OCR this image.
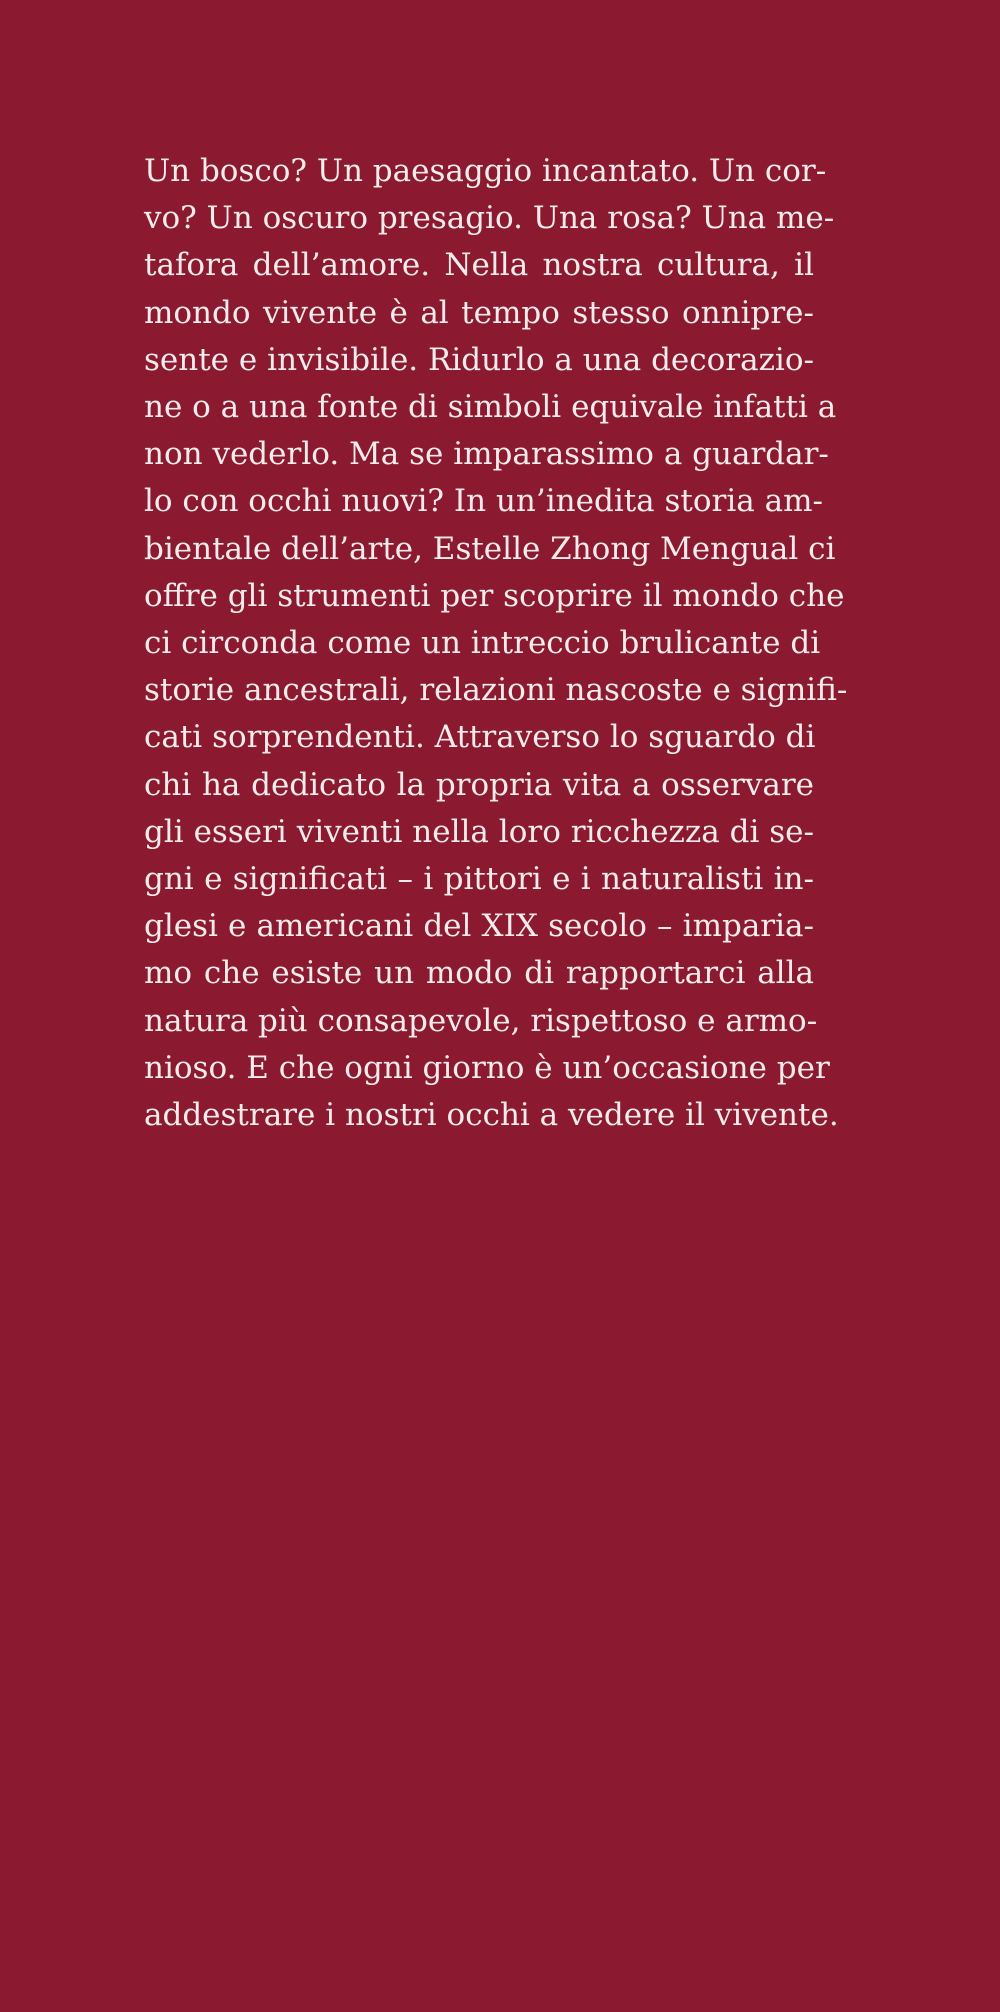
Un bosco? Un paesaggio incantato. Un cor-
vo? Un oscuro presagio. Una rosa? Una me-
tafora dell’amore. Nella nostra cultura, il
mondo vivente è al tempo stesso onnipre-
sente e invisibile. Ridurlo a una decorazio-
ne o a una fonte di simboli equivale infatti a
non vederlo. Ma se imparassimo a guardar-
lo con occhi nuovi? In un’inedita storia am-
bientale dell’arte, Estelle Zhong Mengual ci
offre gli strumenti per scoprire il mondo che
ci circonda come un intreccio brulicante di
storie ancestrali, relazioni nascoste e signifi-
cati sorprendenti. Attraverso lo sguardo di
chi ha dedicato la propria vita a osservare
gli esseri viventi nella loro ricchezza di se-
gni e significati – i pittori e i naturalisti in-
glesi e americani del XIX secolo – imparia-
mo che esiste un modo di rapportarci alla
natura più consapevole, rispettoso e armo-
nioso. E che ogni giorno è un’occasione per
addestrare i nostri occhi a vedere il vivente.
